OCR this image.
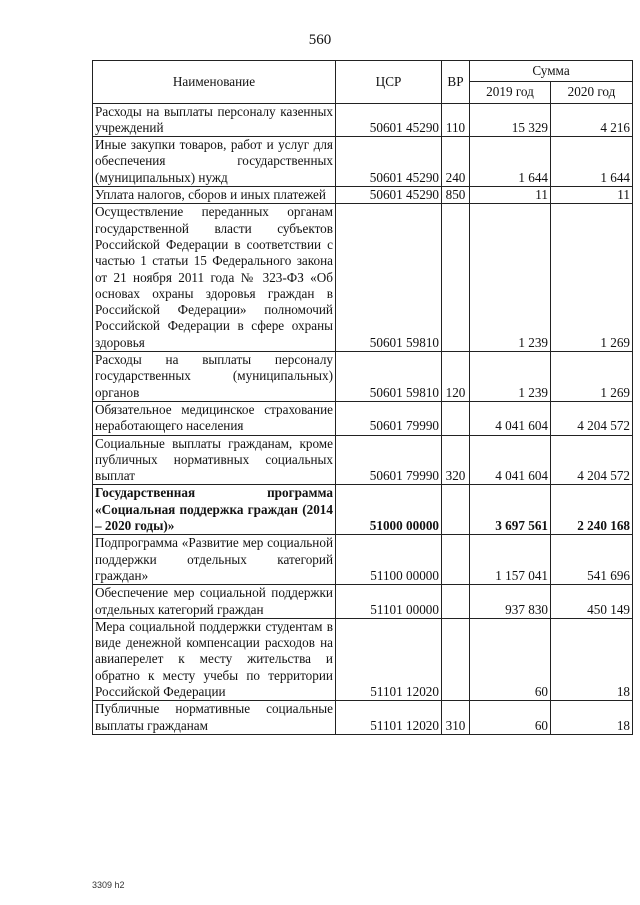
560
Наименование	ЦСР	ВР	Сумма	
			2019 год	2020 год
Расходы на выплаты персоналу казенных учреждений	50601 45290	110	15 329	4 216
Иные закупки товаров, работ и услуг для обеспечения государственных (муниципальных) нужд	50601 45290	240	1 644	1 644
Уплата налогов, сборов и иных платежей	50601 45290	850	11	11
Осуществление переданных органам государственной власти субъектов Российской Федерации в соответствии с частью 1 статьи 15 Федерального закона от 21 ноября 2011 года № 323-ФЗ «Об основах охраны здоровья граждан в Российской Федерации» полномочий Российской Федерации в сфере охраны здоровья	50601 59810		1 239	1 269
Расходы на выплаты персоналу государственных (муниципальных) органов	50601 59810	120	1 239	1 269
Обязательное медицинское страхование неработающего населения	50601 79990		4 041 604	4 204 572
Социальные выплаты гражданам, кроме публичных нормативных социальных выплат	50601 79990	320	4 041 604	4 204 572
Государственная программа «Социальная поддержка граждан (2014 – 2020 годы)»	51000 00000		3 697 561	2 240 168
Подпрограмма «Развитие мер социальной поддержки отдельных категорий граждан»	51100 00000		1 157 041	541 696
Обеспечение мер социальной поддержки отдельных категорий граждан	51101 00000		937 830	450 149
Мера социальной поддержки студентам в виде денежной компенсации расходов на авиаперелет к месту жительства и обратно к месту учебы по территории Российской Федерации	51101 12020		60	18
Публичные нормативные социальные выплаты гражданам	51101 12020	310	60	18
3309 h2
